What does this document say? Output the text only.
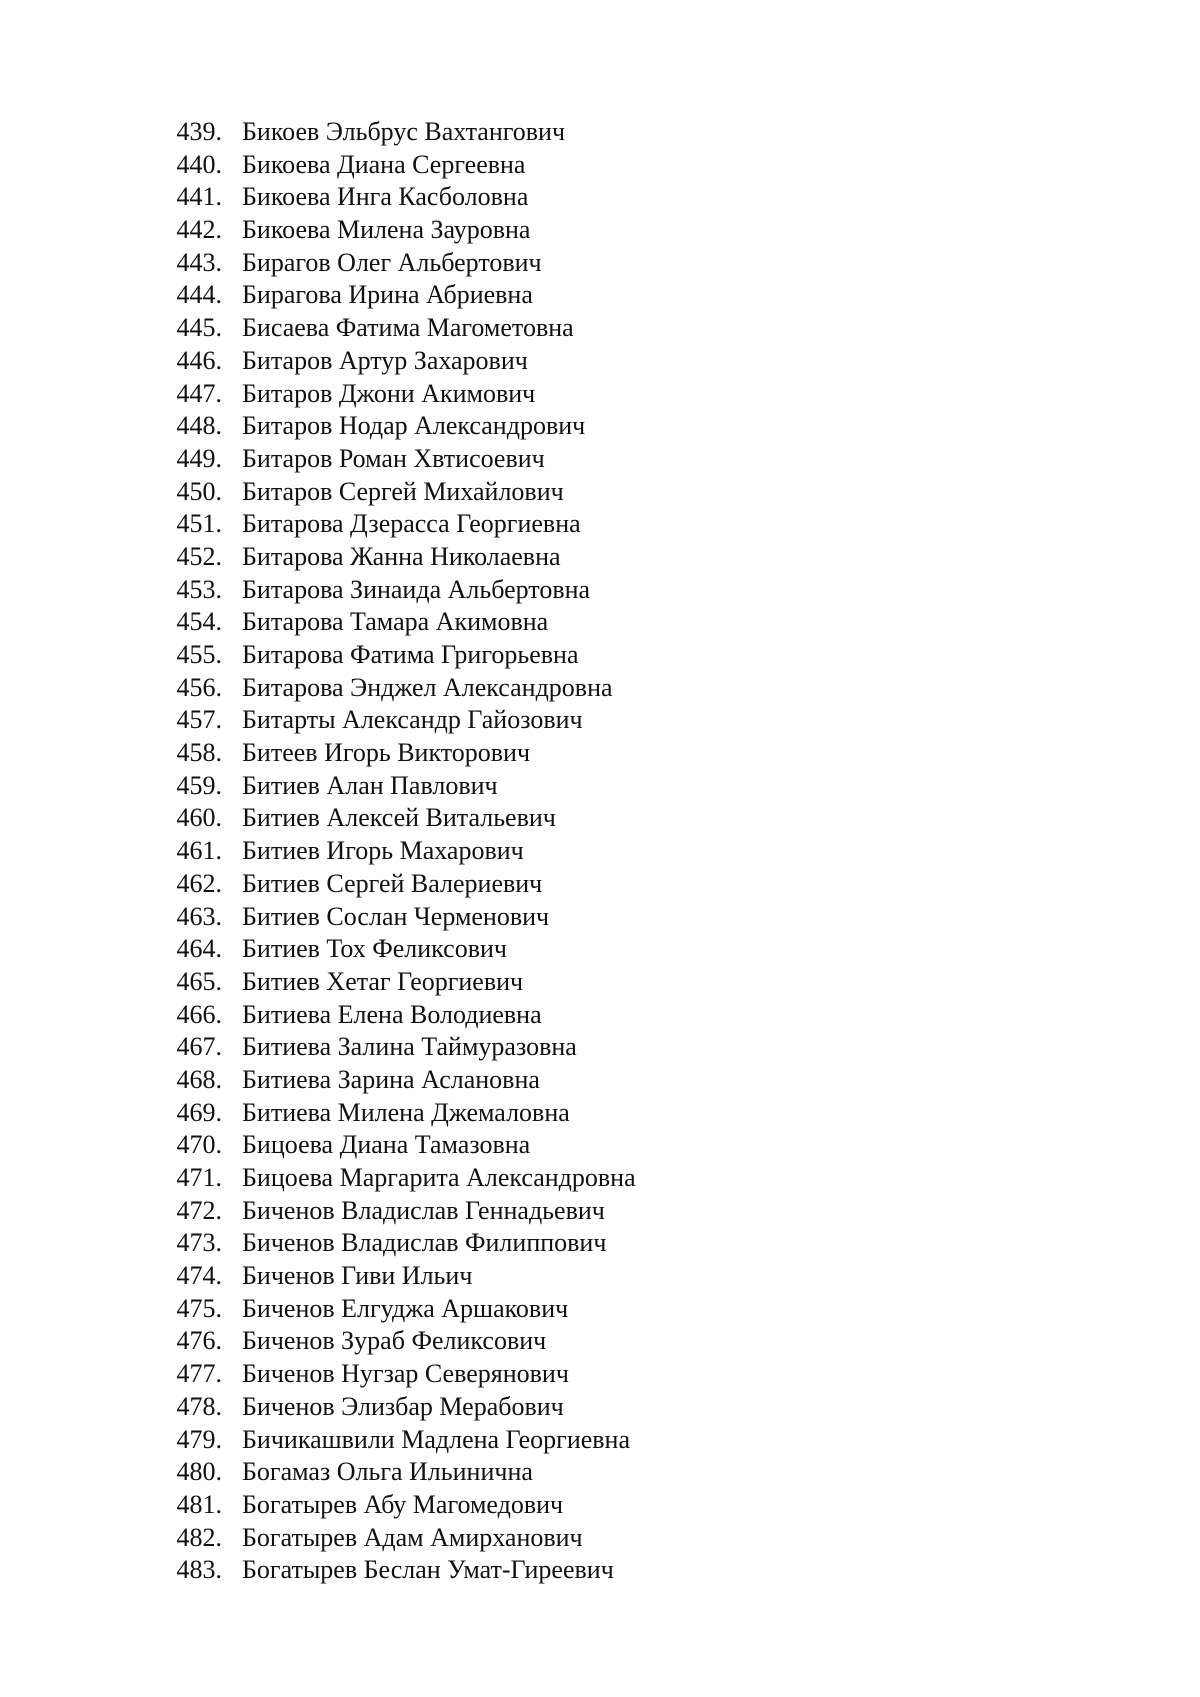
439. Бикоев Эльбрус Вахтангович
440. Бикоева Диана Сергеевна
441. Бикоева Инга Касболовна
442. Бикоева Милена Зауровна
443. Бирагов Олег Альбертович
444. Бирагова Ирина Абриевна
445. Бисаева Фатима Магометовна
446. Битаров Артур Захарович
447. Битаров Джони Акимович
448. Битаров Нодар Александрович
449. Битаров Роман Хвтисоевич
450. Битаров Сергей Михайлович
451. Битарова Дзерасса Георгиевна
452. Битарова Жанна Николаевна
453. Битарова Зинаида Альбертовна
454. Битарова Тамара Акимовна
455. Битарова Фатима Григорьевна
456. Битарова Энджел Александровна
457. Битарты Александр Гайозович
458. Битеев Игорь Викторович
459. Битиев Алан Павлович
460. Битиев Алексей Витальевич
461. Битиев Игорь Махарович
462. Битиев Сергей Валериевич
463. Битиев Сослан Черменович
464. Битиев Тох Феликсович
465. Битиев Хетаг Георгиевич
466. Битиева Елена Володиевна
467. Битиева Залина Таймуразовна
468. Битиева Зарина Аслановна
469. Битиева Милена Джемаловна
470. Бицоева Диана Тамазовна
471. Бицоева Маргарита Александровна
472. Биченов Владислав Геннадьевич
473. Биченов Владислав Филиппович
474. Биченов Гиви Ильич
475. Биченов Елгуджа Аршакович
476. Биченов Зураб Феликсович
477. Биченов Нугзар Северянович
478. Биченов Элизбар Мерабович
479. Бичикашвили Мадлена Георгиевна
480. Богамаз Ольга Ильинична
481. Богатырев Абу Магомедович
482. Богатырев Адам Амирханович
483. Богатырев Беслан Умат-Гиреевич
